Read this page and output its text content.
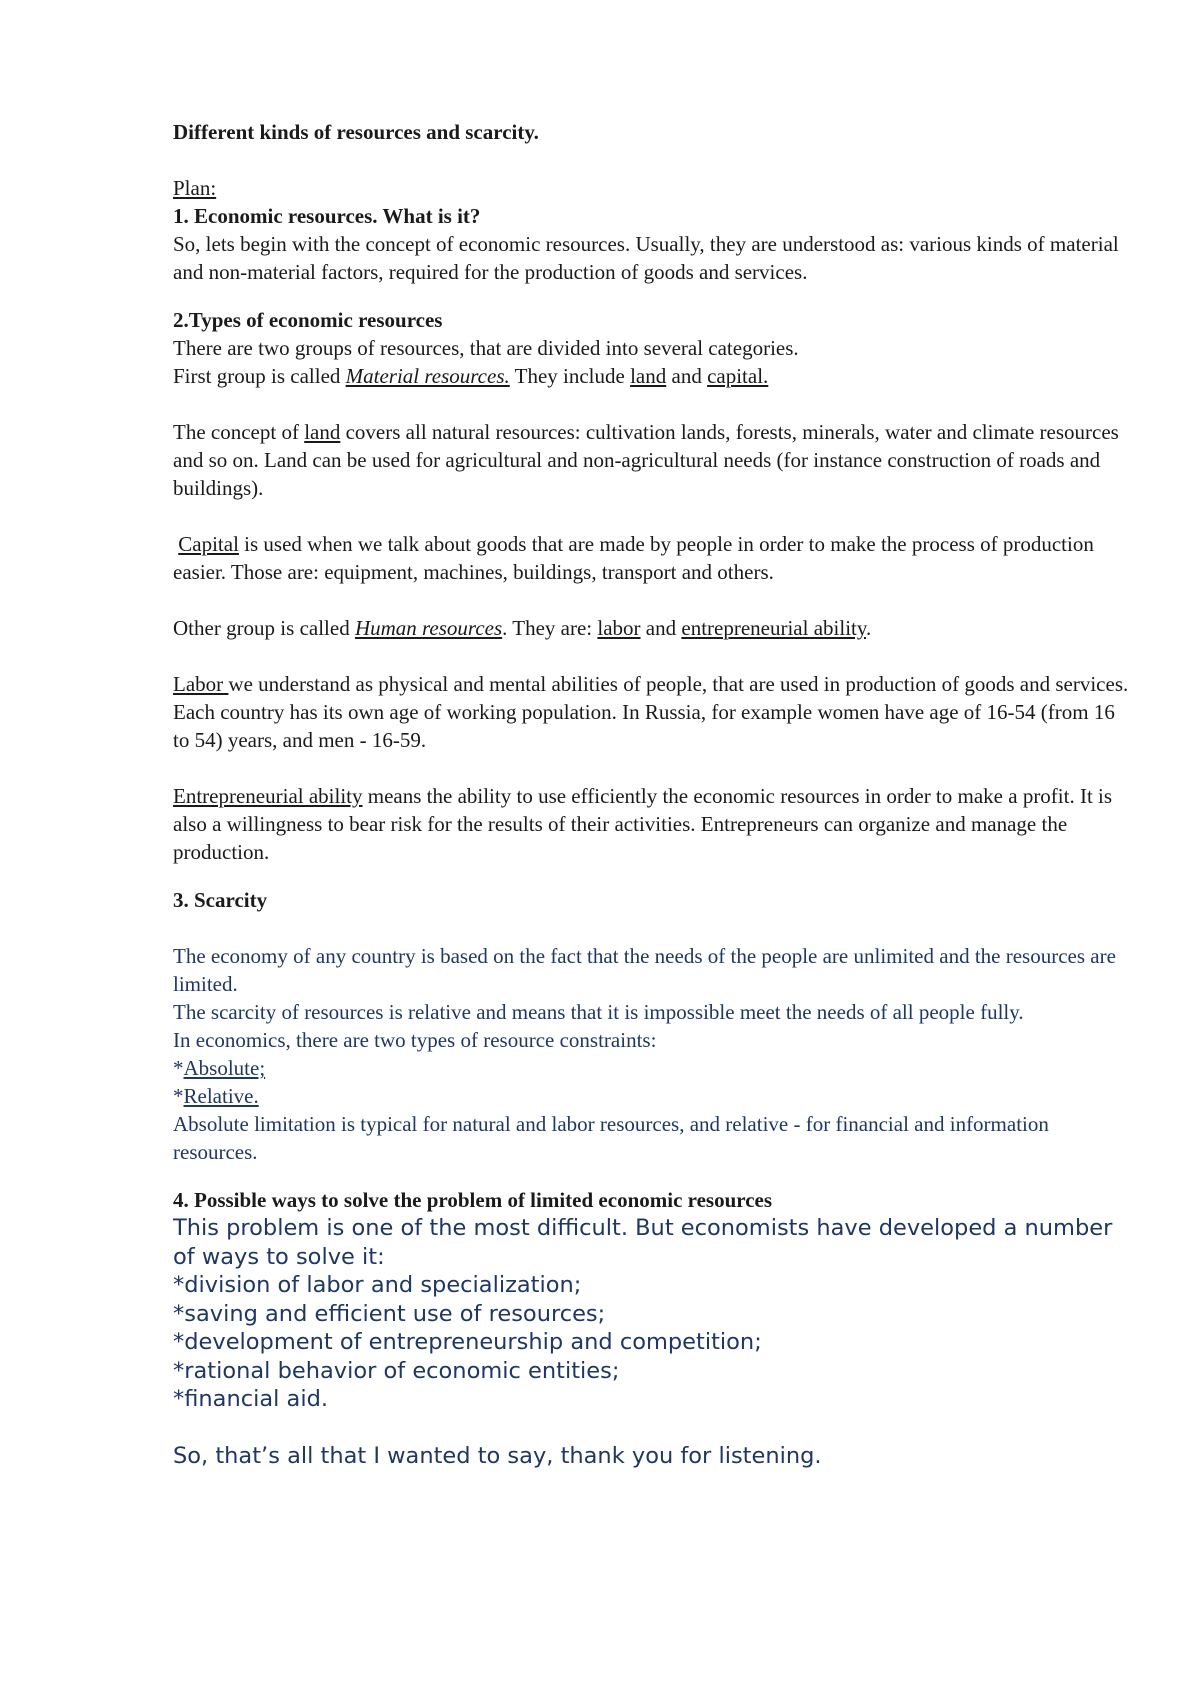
Different kinds of resources and scarcity.

Plan:

1. Economic resources. What is it?

So, lets begin with the concept of economic resources. Usually, they are understood as: various kinds of material and non-material factors, required for the production of goods and services.

2.Types of economic resources

There are two groups of resources, that are divided into several categories.

First group is called Material resources. They include land and capital.

The concept of land covers all natural resources: cultivation lands, forests, minerals, water and climate resources and so on. Land can be used for agricultural and non-agricultural needs (for instance construction of roads and buildings).

Capital is used when we talk about goods that are made by people in order to make the process of production easier. Those are: equipment, machines, buildings, transport and others.

Other group is called Human resources. They are: labor and entrepreneurial ability.

Labor we understand as physical and mental abilities of people, that are used in production of goods and services. Each country has its own age of working population. In Russia, for example women have age of 16-54 (from 16 to 54) years, and men - 16-59.

Entrepreneurial ability means the ability to use efficiently the economic resources in order to make a profit. It is also a willingness to bear risk for the results of their activities. Entrepreneurs can organize and manage the production.

3. Scarcity

The economy of any country is based on the fact that the needs of the people are unlimited and the resources are limited.

The scarcity of resources is relative and means that it is impossible meet the needs of all people fully.

In economics, there are two types of resource constraints:

*Absolute;

*Relative.

Absolute limitation is typical for natural and labor resources, and relative - for financial and information resources.

4. Possible ways to solve the problem of limited economic resources

This problem is one of the most difficult. But economists have developed a number of ways to solve it:

*division of labor and specialization;

*saving and efficient use of resources;

*development of entrepreneurship and competition;

*rational behavior of economic entities;

*financial aid.

So, that’s all that I wanted to say, thank you for listening.
